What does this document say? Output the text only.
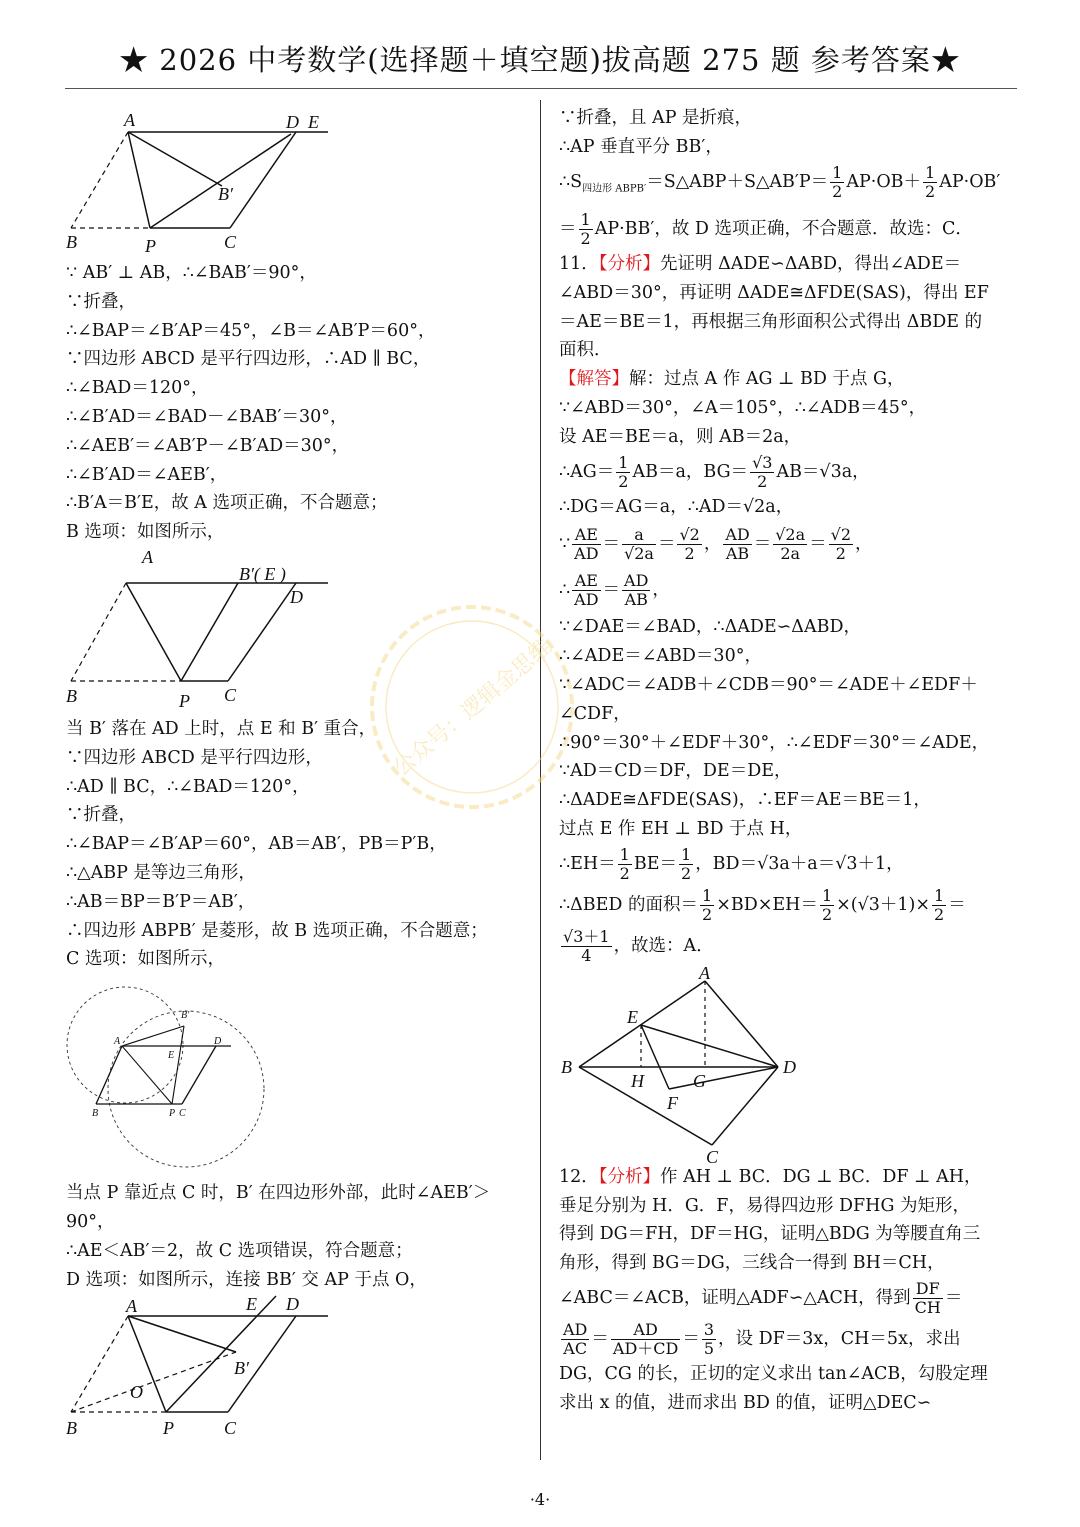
★ 2026 中考数学(选择题＋填空题)拔高题 275 题 参考答案★
公众号：逻辑金思维
A	D E
B′
B	P	C
∵ AB′ ⊥ AB，∴∠BAB′＝90°，
∵折叠，
∴∠BAP＝∠B′AP＝45°，∠B＝∠AB′P＝60°，
∵四边形 ABCD 是平行四边形，∴AD ∥ BC，
∴∠BAD＝120°，
∴∠B′AD＝∠BAD－∠BAB′＝30°，
∴∠AEB′＝∠AB′P－∠B′AD＝30°，
∴∠B′AD＝∠AEB′，
∴B′A＝B′E，故 A 选项正确，不合题意；
B 选项：如图所示，
A
B′( E )
D
B	P C
当 B′ 落在 AD 上时，点 E 和 B′ 重合，
∵四边形 ABCD 是平行四边形，
∴AD ∥ BC，∴∠BAD＝120°，
∵折叠，
∴∠BAP＝∠B′AP＝60°，AB＝AB′，PB＝P′B，
∴△ABP 是等边三角形，
∴AB＝BP＝B′P＝AB′，
∴四边形 ABPB′ 是菱形，故 B 选项正确，不合题意；
C 选项：如图所示，
B′
A
E
D
B	P C
当点 P 靠近点 C 时，B′ 在四边形外部，此时∠AEB′＞
90°，
∴AE＜AB′＝2，故 C 选项错误，符合题意；
D 选项：如图所示，连接 BB′ 交 AP 于点 O，
A	E D
B′
O
B	P	C
∵折叠，且 AP 是折痕，
∴AP 垂直平分 BB′，
$\therefore S_{四边形 ABPB'}=S\triangle ABP+S\triangle AB'P= \frac{1}{2} AP\cdot OB+ \frac{1}{2} AP\cdot OB'$
＝ $\frac{1}{2} AP\cdot BB'$，故 D 选项正确，不合题意．故选：C．
11．【分析】先证明 ΔADE∽ΔABD，得出∠ADE＝
∠ABD＝30°，再证明 ΔADE≅ΔFDE(SAS)，得出 EF
＝AE＝BE＝1，再根据三角形面积公式得出 ΔBDE 的
面积．
【解答】解：过点 A 作 AG ⊥ BD 于点 G，
∵∠ABD＝30°，∠A＝105°，∴∠ADB＝45°，
设 AE＝BE＝a，则 AB＝2a，
∴AG＝ $\frac{1}{2} AB=a$，$BG= \frac{√3}{2} AB=√3a$，
∴DG＝AG＝a，∴AD＝√2a，
∵ $\frac{AE}{AD} = \frac{a}{√2a} = \frac{√2}{2}$ ， $\frac{AD}{AB} = \frac{√2a}{2a} = \frac{√2}{2}$ ，
∴ $\frac{AE}{AD} = \frac{AD}{AB}$ ，
∵∠DAE＝∠BAD，∴ΔADE∽ΔABD，
∴∠ADE＝∠ABD＝30°，
∵∠ADC＝∠ADB＋∠CDB＝90°＝∠ADE＋∠EDF＋
∠CDF，
∴90°＝30°＋∠EDF＋30°，∴∠EDF＝30°＝∠ADE，
∵AD＝CD＝DF，DE＝DE，
∴ΔADE≅ΔFDE(SAS)，∴EF＝AE＝BE＝1，
过点 E 作 EH ⊥ BD 于点 H，
∴EH＝ $\frac{1}{2} BE= \frac{1}{2}$ ，BD＝√3a＋a＝√3＋1，
∴ΔBED 的面积＝ $\frac{1}{2} \times BD\times EH= \frac{1}{2} \times(√3+1)\times \frac{1}{2}$ ＝
$\frac{√3+1}{4}$ ，故选：A．
A
E
B
H	G
D
F
C
12．【分析】作 AH ⊥ BC．DG ⊥ BC．DF ⊥ AH，
垂足分别为 H．G．F，易得四边形 DFHG 为矩形，
得到 DG＝FH，DF＝HG，证明△BDG 为等腰直角三
角形，得到 BG＝DG，三线合一得到 BH＝CH，
∠ABC＝∠ACB，证明△ADF∽△ACH，得到 $\frac{DF}{CH}$ ＝
$\frac{AD}{AC} = \frac{AD}{AD+CD} = \frac{3}{5}$ ，设 DF＝3x，CH＝5x，求出
DG，CG 的长，正切的定义求出 tan∠ACB，勾股定理
求出 x 的值，进而求出 BD 的值，证明△DEC∽
·4·
